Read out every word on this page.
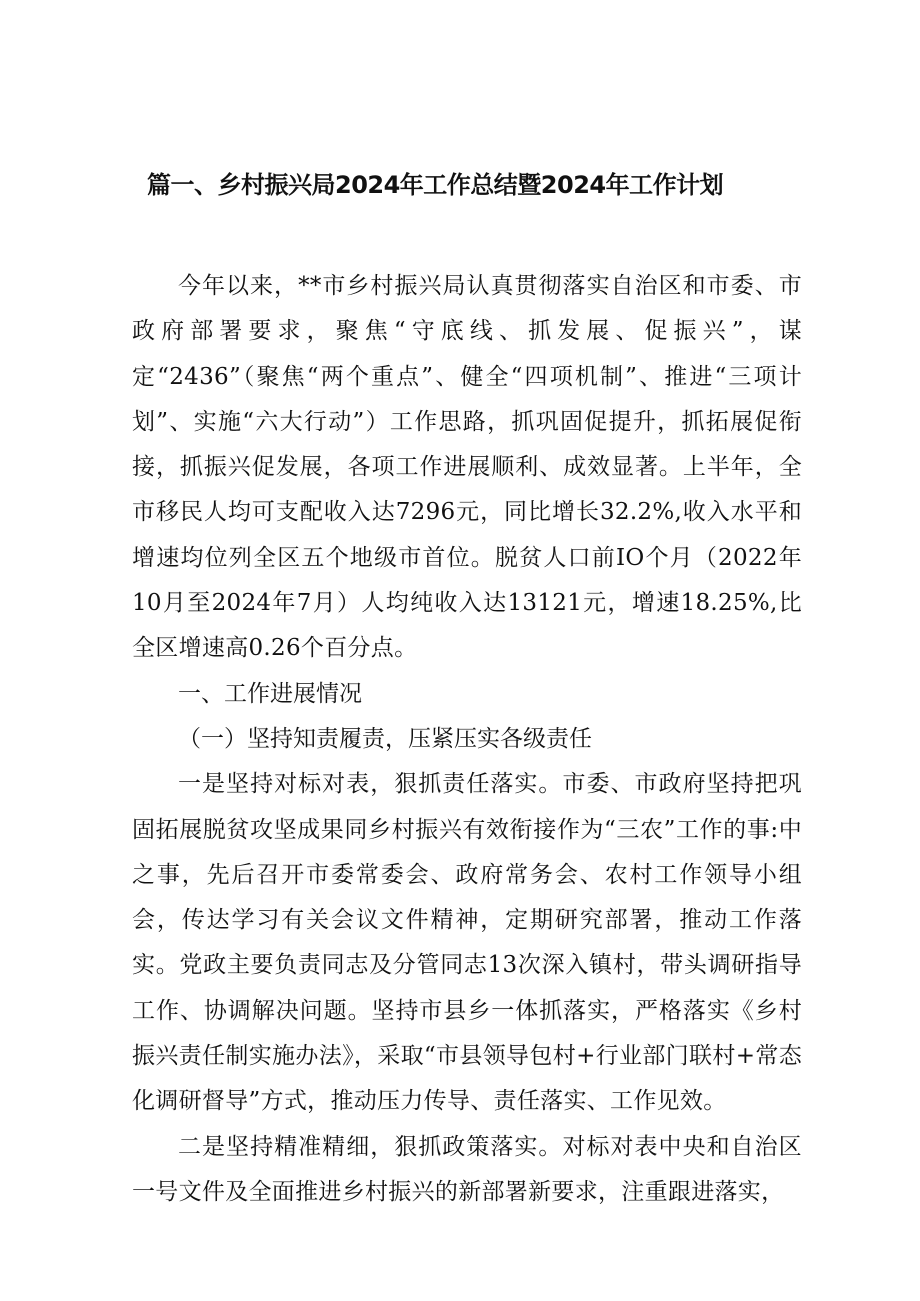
篇一、乡村振兴局2024年工作总结暨2024年工作计划

今年以来，**市乡村振兴局认真贯彻落实自治区和市委、市政府部署要求，聚焦“守底线、抓发展、促振兴”，谋定“2436”（聚焦“两个重点”、健全“四项机制”、推进“三项计划”、实施“六大行动”）工作思路，抓巩固促提升，抓拓展促衔接，抓振兴促发展，各项工作进展顺利、成效显著。上半年，全市移民人均可支配收入达7296元，同比增长32.2%,收入水平和增速均位列全区五个地级市首位。脱贫人口前IO个月（2022年10月至2024年7月）人均纯收入达13121元，增速18.25%,比全区增速高0.26个百分点。

一、工作进展情况
（一）坚持知责履责，压紧压实各级责任

一是坚持对标对表，狠抓责任落实。市委、市政府坚持把巩固拓展脱贫攻坚成果同乡村振兴有效衔接作为“三农”工作的事:中之事，先后召开市委常委会、政府常务会、农村工作领导小组会，传达学习有关会议文件精神，定期研究部署，推动工作落实。党政主要负责同志及分管同志13次深入镇村，带头调研指导工作、协调解决问题。坚持市县乡一体抓落实，严格落实《乡村振兴责任制实施办法》，采取“市县领导包村+行业部门联村+常态化调研督导”方式，推动压力传导、责任落实、工作见效。

二是坚持精准精细，狠抓政策落实。对标对表中央和自治区一号文件及全面推进乡村振兴的新部署新要求，注重跟进落实，
